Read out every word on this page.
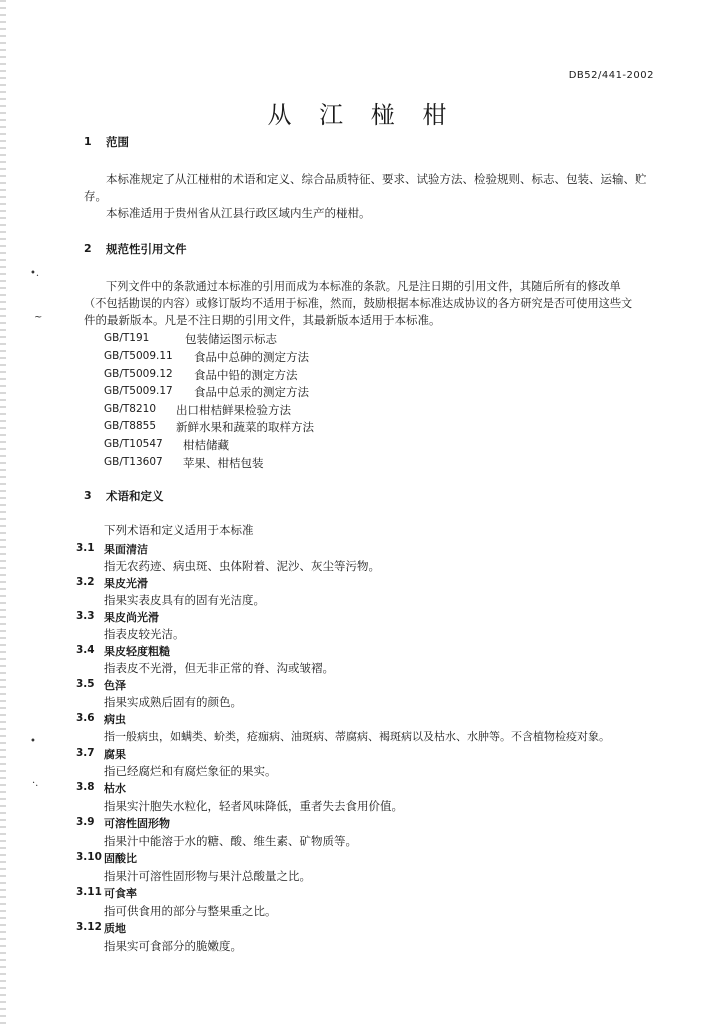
DB52/441-2002
从 江 椪 柑
1 范围
本标准规定了从江椪柑的术语和定义、综合品质特征、要求、试验方法、检验规则、标志、包装、运输、贮
存。
本标准适用于贵州省从江县行政区域内生产的椪柑。
2 规范性引用文件
下列文件中的条款通过本标准的引用而成为本标准的条款。凡是注日期的引用文件，其随后所有的修改单
（不包括勘误的内容）或修订版均不适用于标准，然而，鼓励根据本标准达成协议的各方研究是否可使用这些文
件的最新版本。凡是不注日期的引用文件，其最新版本适用于本标准。
GB/T191	包装储运图示标志
GB/T5009.11 食品中总砷的测定方法
GB/T5009.12 食品中铅的测定方法
GB/T5009.17 食品中总汞的测定方法
GB/T8210 出口柑桔鲜果检验方法
GB/T8855 新鲜水果和蔬菜的取样方法
GB/T10547 柑桔储藏
GB/T13607 苹果、柑桔包装
3 术语和定义
下列术语和定义适用于本标准
3.1 果面清洁
指无农药迹、病虫斑、虫体附着、泥沙、灰尘等污物。
3.2 果皮光滑
指果实表皮具有的固有光洁度。
3.3 果皮尚光滑
指表皮较光洁。
3.4 果皮轻度粗糙
指表皮不光滑，但无非正常的脊、沟或皱褶。
3.5 色泽
指果实成熟后固有的颜色。
3.6 病虫
指一般病虫，如螨类、蚧类，疮痂病、油斑病、蒂腐病、褐斑病以及枯水、水肿等。不含植物检疫对象。
3.7 腐果
指已经腐烂和有腐烂象征的果实。
3.8 枯水
指果实汁胞失水粒化，轻者风味降低，重者失去食用价值。
3.9 可溶性固形物
指果汁中能溶于水的糖、酸、维生素、矿物质等。
3.10 固酸比
指果汁可溶性固形物与果汁总酸量之比。
3.11 可食率
指可供食用的部分与整果重之比。
3.12 质地
指果实可食部分的脆嫩度。
•.
~
•
·.
